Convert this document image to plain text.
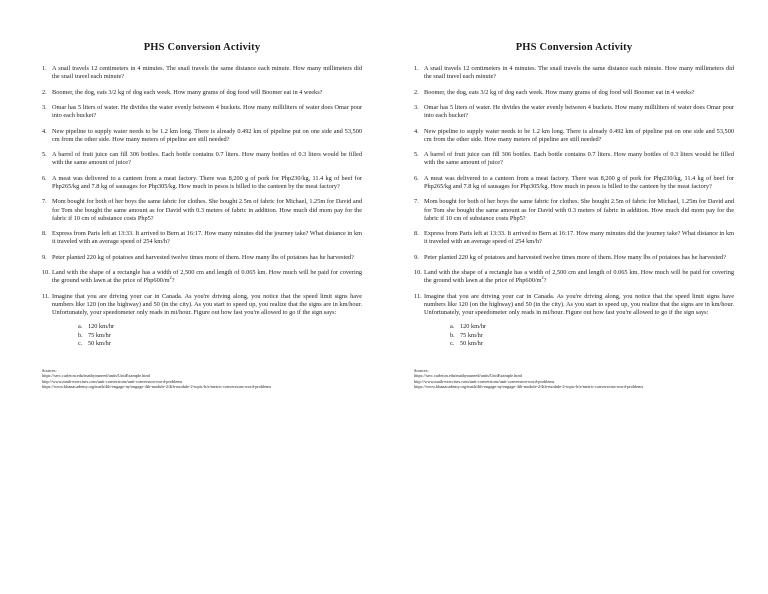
PHS Conversion Activity
1. A snail travels 12 centimeters in 4 minutes. The snail travels the same distance each minute. How many millimeters did the snail travel each minute?
2. Boomer, the dog, eats 3/2 kg of dog each week. How many grams of dog food will Boomer eat in 4 weeks?
3. Omar has 5 liters of water. He divides the water evenly between 4 buckets. How many milliliters of water does Omar pour into each bucket?
4. New pipeline to supply water needs to be 1.2 km long. There is already 0.492 km of pipeline put on one side and 53,500 cm from the other side. How many meters of pipeline are still needed?
5. A barrel of fruit juice can fill 306 bottles. Each bottle contains 0.7 liters. How many bottles of 0.3 liters would be filled with the same amount of juice?
6. A meat was delivered to a canteen from a meat factory. There was 8,200 g of pork for Php230/kg, 11.4 kg of beef for Php265/kg and 7.8 kg of sausages for Php305/kg. How much in pesos is billed to the canteen by the meat factory?
7. Mom bought for both of her boys the same fabric for clothes. She bought 2.5m of fabric for Michael, 1.25m for David and for Tom she bought the same amount as for David with 0.3 meters of fabric in addition. How much did mom pay for the fabric if 10 cm of substance costs Php5?
8. Express from Paris left at 13:33. It arrived to Bern at 16:17. How many minutes did the journey take? What distance in km it traveled with an average speed of 254 km/h?
9. Peter planted 220 kg of potatoes and harvested twelve times more of them. How many lbs of potatoes has he harvested?
10. Land with the shape of a rectangle has a width of 2,500 cm and length of 0.065 km. How much will be paid for covering the ground with lawn at the price of $Php600/m^2$?
11. Imagine that you are driving your car in Canada. As you're driving along, you notice that the speed limit signs have numbers like 120 (on the highway) and 50 (in the city). As you start to speed up, you realize that the signs are in km/hour. Unfortunately, your speedometer only reads in mi/hour. Figure out how fast you're allowed to go if the sign says:
a. 120 km/hr
b. 75 km/hr
c. 50 km/hr
Sources:
https://serc.carleton.edu/mathyouneed/units/UnitExample.html
http://www.math-exercises.com/unit-conversions/unit-conversion-word-problems
https://www.khanacademy.org/math/4th-engage-ny/engage-4th-module-2/4th-module-2-topic-b/e/metric-conversions-word-problems
PHS Conversion Activity
1. A snail travels 12 centimeters in 4 minutes. The snail travels the same distance each minute. How many millimeters did the snail travel each minute?
2. Boomer, the dog, eats 3/2 kg of dog each week. How many grams of dog food will Boomer eat in 4 weeks?
3. Omar has 5 liters of water. He divides the water evenly between 4 buckets. How many milliliters of water does Omar pour into each bucket?
4. New pipeline to supply water needs to be 1.2 km long. There is already 0.492 km of pipeline put on one side and 53,500 cm from the other side. How many meters of pipeline are still needed?
5. A barrel of fruit juice can fill 306 bottles. Each bottle contains 0.7 liters. How many bottles of 0.3 liters would be filled with the same amount of juice?
6. A meat was delivered to a canteen from a meat factory. There was 8,200 g of pork for Php230/kg, 11.4 kg of beef for Php265/kg and 7.8 kg of sausages for Php305/kg. How much in pesos is billed to the canteen by the meat factory?
7. Mom bought for both of her boys the same fabric for clothes. She bought 2.5m of fabric for Michael, 1.25m for David and for Tom she bought the same amount as for David with 0.3 meters of fabric in addition. How much did mom pay for the fabric if 10 cm of substance costs Php5?
8. Express from Paris left at 13:33. It arrived to Bern at 16:17. How many minutes did the journey take? What distance in km it traveled with an average speed of 254 km/h?
9. Peter planted 220 kg of potatoes and harvested twelve times more of them. How many lbs of potatoes has he harvested?
10. Land with the shape of a rectangle has a width of 2,500 cm and length of 0.065 km. How much will be paid for covering the ground with lawn at the price of $Php600/m^2$?
11. Imagine that you are driving your car in Canada. As you're driving along, you notice that the speed limit signs have numbers like 120 (on the highway) and 50 (in the city). As you start to speed up, you realize that the signs are in km/hour. Unfortunately, your speedometer only reads in mi/hour. Figure out how fast you're allowed to go if the sign says:
a. 120 km/hr
b. 75 km/hr
c. 50 km/hr
Sources:
https://serc.carleton.edu/mathyouneed/units/UnitExample.html
http://www.math-exercises.com/unit-conversions/unit-conversion-word-problems
https://www.khanacademy.org/math/4th-engage-ny/engage-4th-module-2/4th-module-2-topic-b/e/metric-conversions-word-problems
